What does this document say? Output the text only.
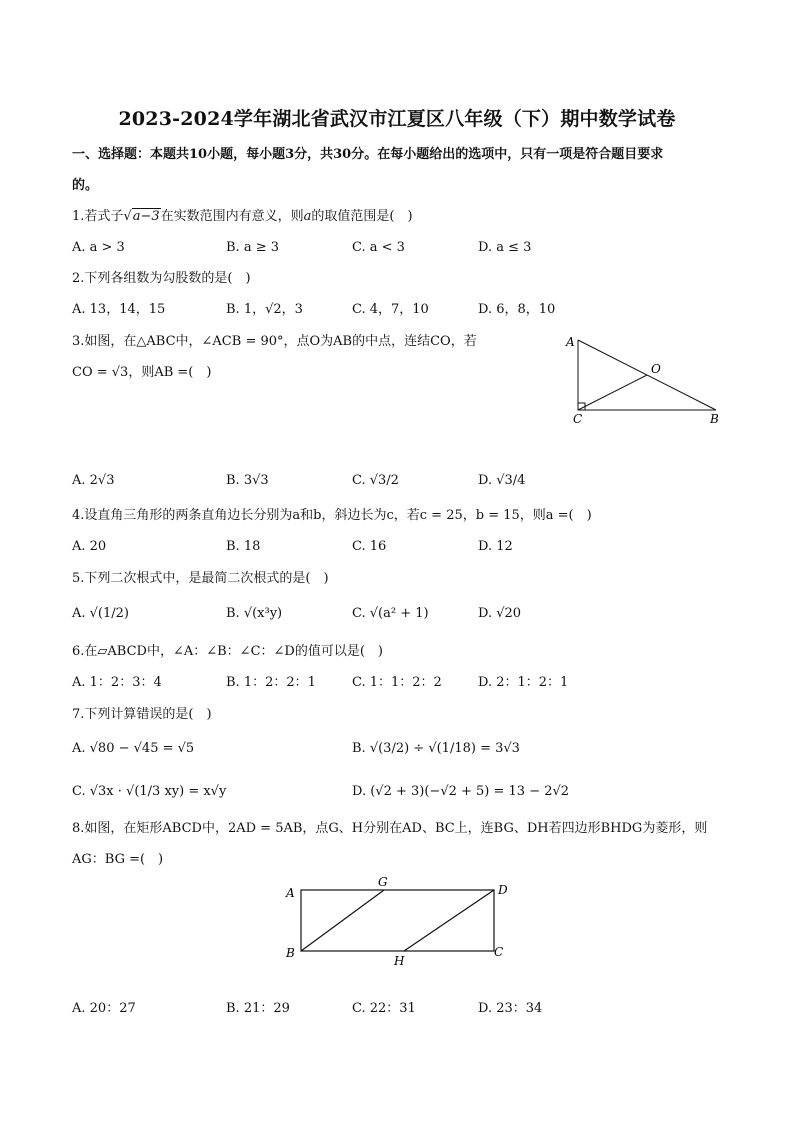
2023-2024学年湖北省武汉市江夏区八年级（下）期中数学试卷
一、选择题：本题共10小题，每小题3分，共30分。在每小题给出的选项中，只有一项是符合题目要求
的。
1.若式子√a−3在实数范围内有意义，则a的取值范围是(　)
A. a > 3	B. a ≥ 3	C. a < 3	D. a ≤ 3
2.下列各组数为勾股数的是(　)
A. 13，14，15	B. 1，√2，3	C. 4，7，10	D. 6，8，10
3.如图，在△ABC中，∠ACB = 90°，点O为AB的中点，连结CO，若
CO = √3，则AB =(　)
A
O
C	B
A. 2√3	B. 3√3	C. √3/2	D. √3/4
4.设直角三角形的两条直角边长分别为a和b，斜边长为c，若c = 25，b = 15，则a =(　)
A. 20	B. 18	C. 16	D. 12
5.下列二次根式中，是最简二次根式的是(　)
A. √(1/2)	B. √(x³y)	C. √(a² + 1)	D. √20
6.在▱ABCD中，∠A：∠B：∠C：∠D的值可以是(　)
A. 1：2：3：4	B. 1：2：2：1	C. 1：1：2：2	D. 2：1：2：1
7.下列计算错误的是(　)
A. √80 − √45 = √5	B. √(3/2) ÷ √(1/18) = 3√3
C. √3x · √(1/3 xy) = x√y	D. (√2 + 3)(−√2 + 5) = 13 − 2√2
8.如图，在矩形ABCD中，2AD = 5AB，点G、H分别在AD、BC上，连BG、DH若四边形BHDG为菱形，则
AG：BG =(　)
A
G
D
B
H
C
A. 20：27	B. 21：29	C. 22：31	D. 23：34
